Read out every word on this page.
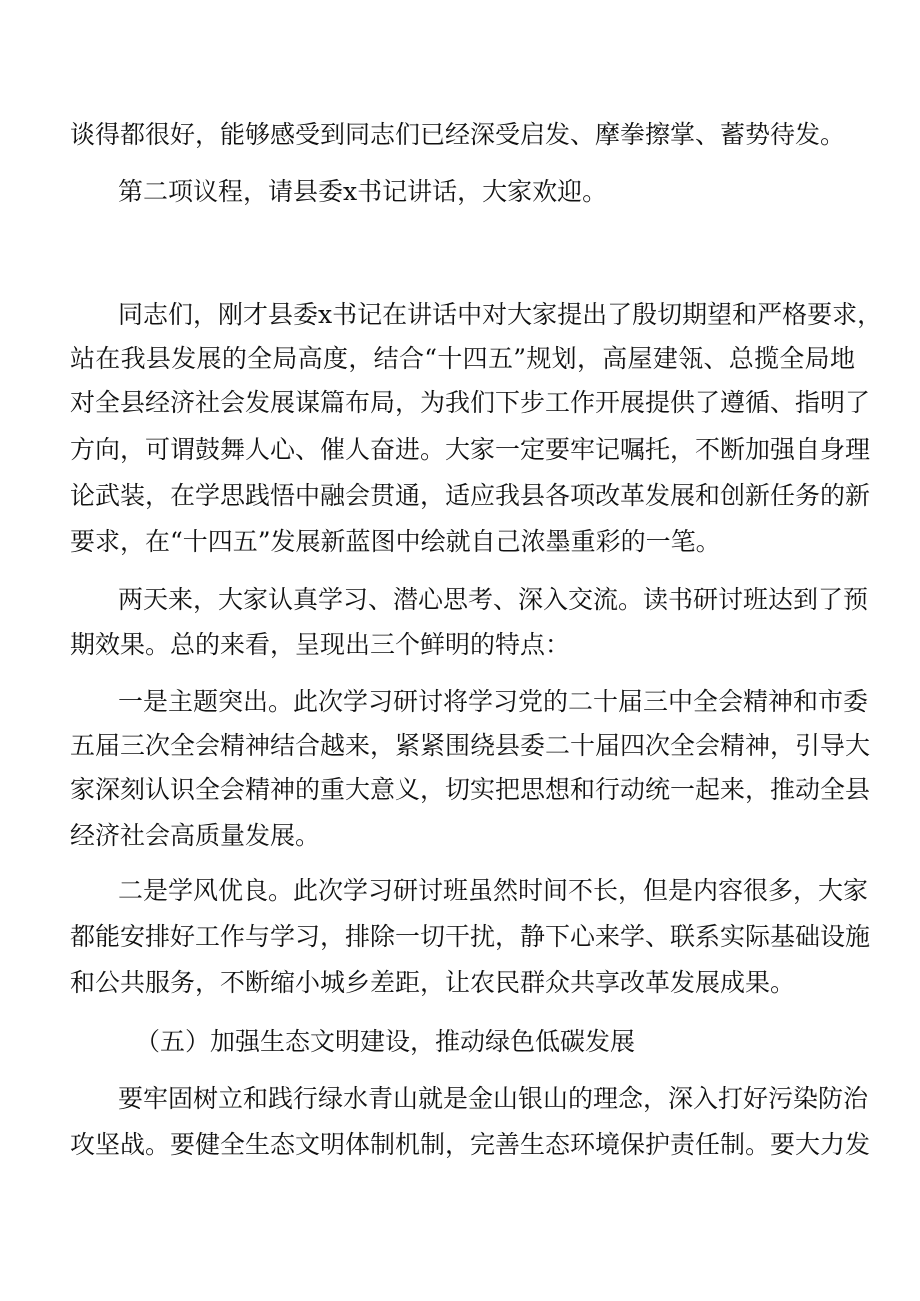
谈得都很好，能够感受到同志们已经深受启发、摩拳擦掌、蓄势待发。
第二项议程，请县委x书记讲话，大家欢迎。
同志们，刚才县委x书记在讲话中对大家提出了殷切期望和严格要求，
站在我县发展的全局高度，结合“十四五”规划，高屋建瓴、总揽全局地
对全县经济社会发展谋篇布局，为我们下步工作开展提供了遵循、指明了
方向，可谓鼓舞人心、催人奋进。大家一定要牢记嘱托，不断加强自身理
论武装，在学思践悟中融会贯通，适应我县各项改革发展和创新任务的新
要求，在“十四五”发展新蓝图中绘就自己浓墨重彩的一笔。
两天来，大家认真学习、潜心思考、深入交流。读书研讨班达到了预
期效果。总的来看，呈现出三个鲜明的特点：
一是主题突出。此次学习研讨将学习党的二十届三中全会精神和市委
五届三次全会精神结合越来，紧紧围绕县委二十届四次全会精神，引导大
家深刻认识全会精神的重大意义，切实把思想和行动统一起来，推动全县
经济社会高质量发展。
二是学风优良。此次学习研讨班虽然时间不长，但是内容很多，大家
都能安排好工作与学习，排除一切干扰，静下心来学、联系实际基础设施
和公共服务，不断缩小城乡差距，让农民群众共享改革发展成果。
（五）加强生态文明建设，推动绿色低碳发展
要牢固树立和践行绿水青山就是金山银山的理念，深入打好污染防治
攻坚战。要健全生态文明体制机制，完善生态环境保护责任制。要大力发
